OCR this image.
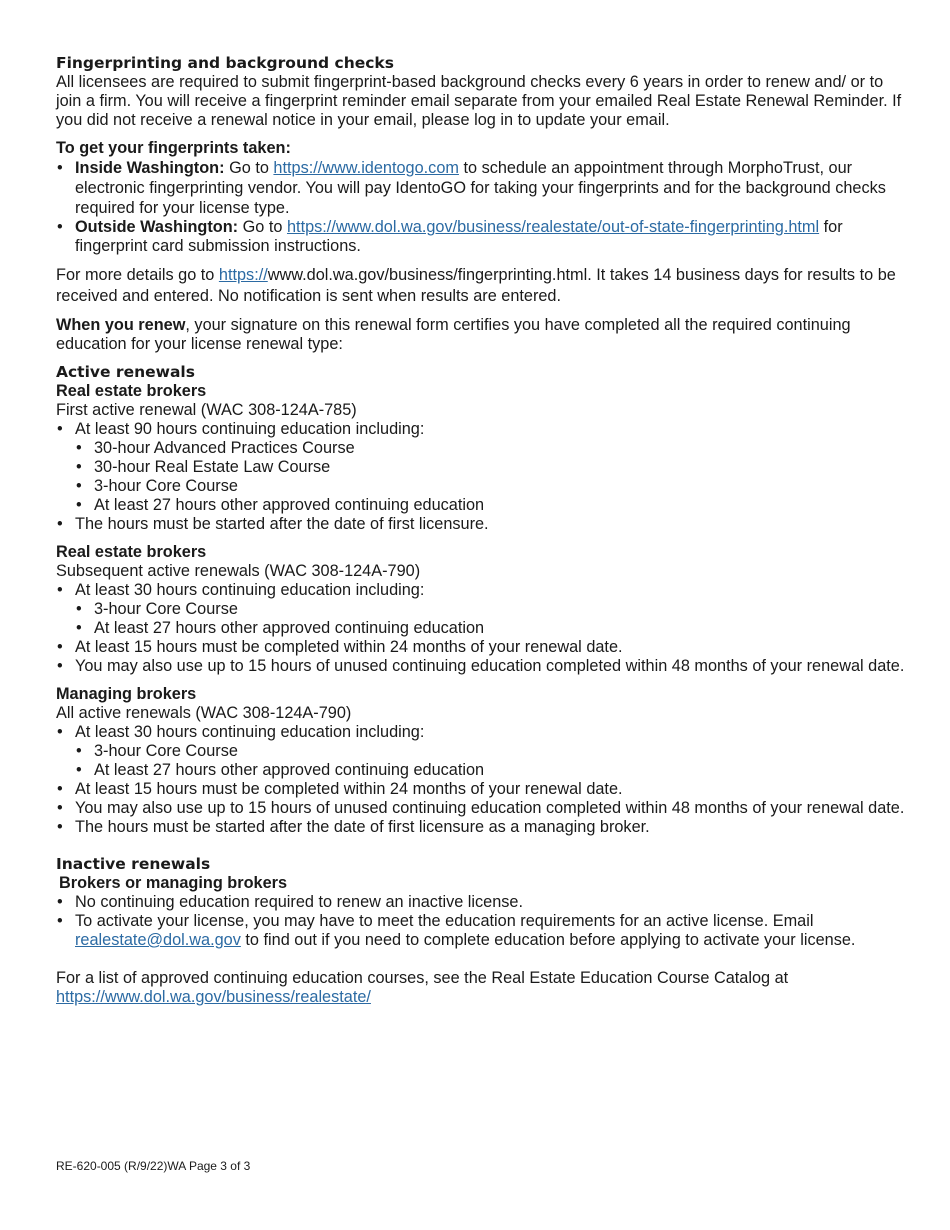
Fingerprinting and background checks

All licensees are required to submit fingerprint-based background checks every 6 years in order to renew and/ or to join a firm. You will receive a fingerprint reminder email separate from your emailed Real Estate Renewal Reminder. If you did not receive a renewal notice in your email, please log in to update your email.

To get your fingerprints taken:

• Inside Washington: Go to https://www.identogo.com to schedule an appointment through MorphoTrust, our electronic fingerprinting vendor. You will pay IdentoGO for taking your fingerprints and for the background checks required for your license type.
• Outside Washington: Go to https://www.dol.wa.gov/business/realestate/out-of-state-fingerprinting.html for fingerprint card submission instructions.

For more details go to https://www.dol.wa.gov/business/fingerprinting.html. It takes 14 business days for results to be received and entered. No notification is sent when results are entered.

When you renew, your signature on this renewal form certifies you have completed all the required continuing education for your license renewal type:

Active renewals

Real estate brokers

First active renewal (WAC 308-124A-785)

• At least 90 hours continuing education including:
• 30-hour Advanced Practices Course
• 30-hour Real Estate Law Course
• 3-hour Core Course
• At least 27 hours other approved continuing education
• The hours must be started after the date of first licensure.

Real estate brokers

Subsequent active renewals (WAC 308-124A-790)

• At least 30 hours continuing education including:
• 3-hour Core Course
• At least 27 hours other approved continuing education
• At least 15 hours must be completed within 24 months of your renewal date.
• You may also use up to 15 hours of unused continuing education completed within 48 months of your renewal date.

Managing brokers

All active renewals (WAC 308-124A-790)

• At least 30 hours continuing education including:
• 3-hour Core Course
• At least 27 hours other approved continuing education
• At least 15 hours must be completed within 24 months of your renewal date.
• You may also use up to 15 hours of unused continuing education completed within 48 months of your renewal date.
• The hours must be started after the date of first licensure as a managing broker.
Inactive renewals

Brokers or managing brokers

• No continuing education required to renew an inactive license.
• To activate your license, you may have to meet the education requirements for an active license. Email realestate@dol.wa.gov to find out if you need to complete education before applying to activate your license.

For a list of approved continuing education courses, see the Real Estate Education Course Catalog at

https://www.dol.wa.gov/business/realestate/
RE-620-005 (R/9/22)WA Page 3 of 3
